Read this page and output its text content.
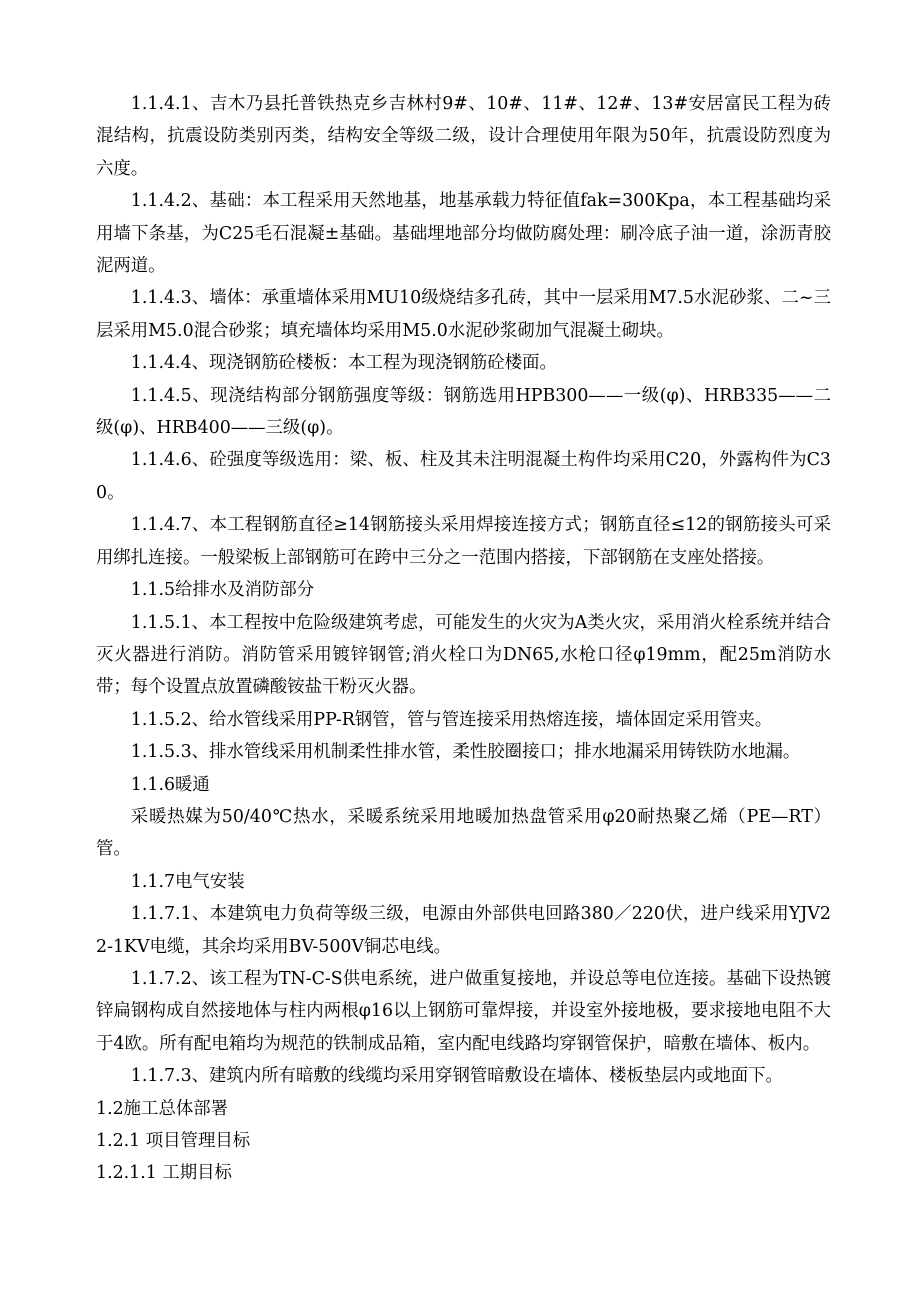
1.1.4.1、吉木乃县托普铁热克乡吉林村9#、10#、11#、12#、13#安居富民工程为砖混结构，抗震设防类别丙类，结构安全等级二级，设计合理使用年限为50年，抗震设防烈度为六度。

1.1.4.2、基础：本工程采用天然地基，地基承载力特征值fak=300Kpa，本工程基础均采用墙下条基，为C25毛石混凝±基础。基础埋地部分均做防腐处理：刷冷底子油一道，涂沥青胶泥两道。

1.1.4.3、墙体：承重墙体采用MU10级烧结多孔砖，其中一层采用M7.5水泥砂浆、二~三层采用M5.0混合砂浆；填充墙体均采用M5.0水泥砂浆砌加气混凝土砌块。

1.1.4.4、现浇钢筋砼楼板：本工程为现浇钢筋砼楼面。

1.1.4.5、现浇结构部分钢筋强度等级：钢筋选用HPB300——一级(φ)、HRB335——二级(φ)、HRB400——三级(φ)。

1.1.4.6、砼强度等级选用：梁、板、柱及其未注明混凝土构件均采用C20，外露构件为C30。

1.1.4.7、本工程钢筋直径≥14钢筋接头采用焊接连接方式；钢筋直径≤12的钢筋接头可采用绑扎连接。一般梁板上部钢筋可在跨中三分之一范围内搭接，下部钢筋在支座处搭接。

1.1.5给排水及消防部分

1.1.5.1、本工程按中危险级建筑考虑，可能发生的火灾为A类火灾，采用消火栓系统并结合灭火器进行消防。消防管采用镀锌钢管;消火栓口为DN65,水枪口径φ19mm，配25m消防水带；每个设置点放置磷酸铵盐干粉灭火器。

1.1.5.2、给水管线采用PP-R钢管，管与管连接采用热熔连接，墙体固定采用管夹。

1.1.5.3、排水管线采用机制柔性排水管，柔性胶圈接口；排水地漏采用铸铁防水地漏。

1.1.6暖通

采暖热媒为50/40℃热水，采暖系统采用地暖加热盘管采用φ20耐热聚乙烯（PE—RT）管。

1.1.7电气安装

1.1.7.1、本建筑电力负荷等级三级，电源由外部供电回路380／220伏，进户线采用YJV22-1KV电缆，其余均采用BV-500V铜芯电线。

1.1.7.2、该工程为TN-C-S供电系统，进户做重复接地，并设总等电位连接。基础下设热镀锌扁钢构成自然接地体与柱内两根φ16以上钢筋可靠焊接，并设室外接地极，要求接地电阻不大于4欧。所有配电箱均为规范的铁制成品箱，室内配电线路均穿钢管保护，暗敷在墙体、板内。

1.1.7.3、建筑内所有暗敷的线缆均采用穿钢管暗敷设在墙体、楼板垫层内或地面下。

1.2施工总体部署

1.2.1 项目管理目标

1.2.1.1 工期目标
